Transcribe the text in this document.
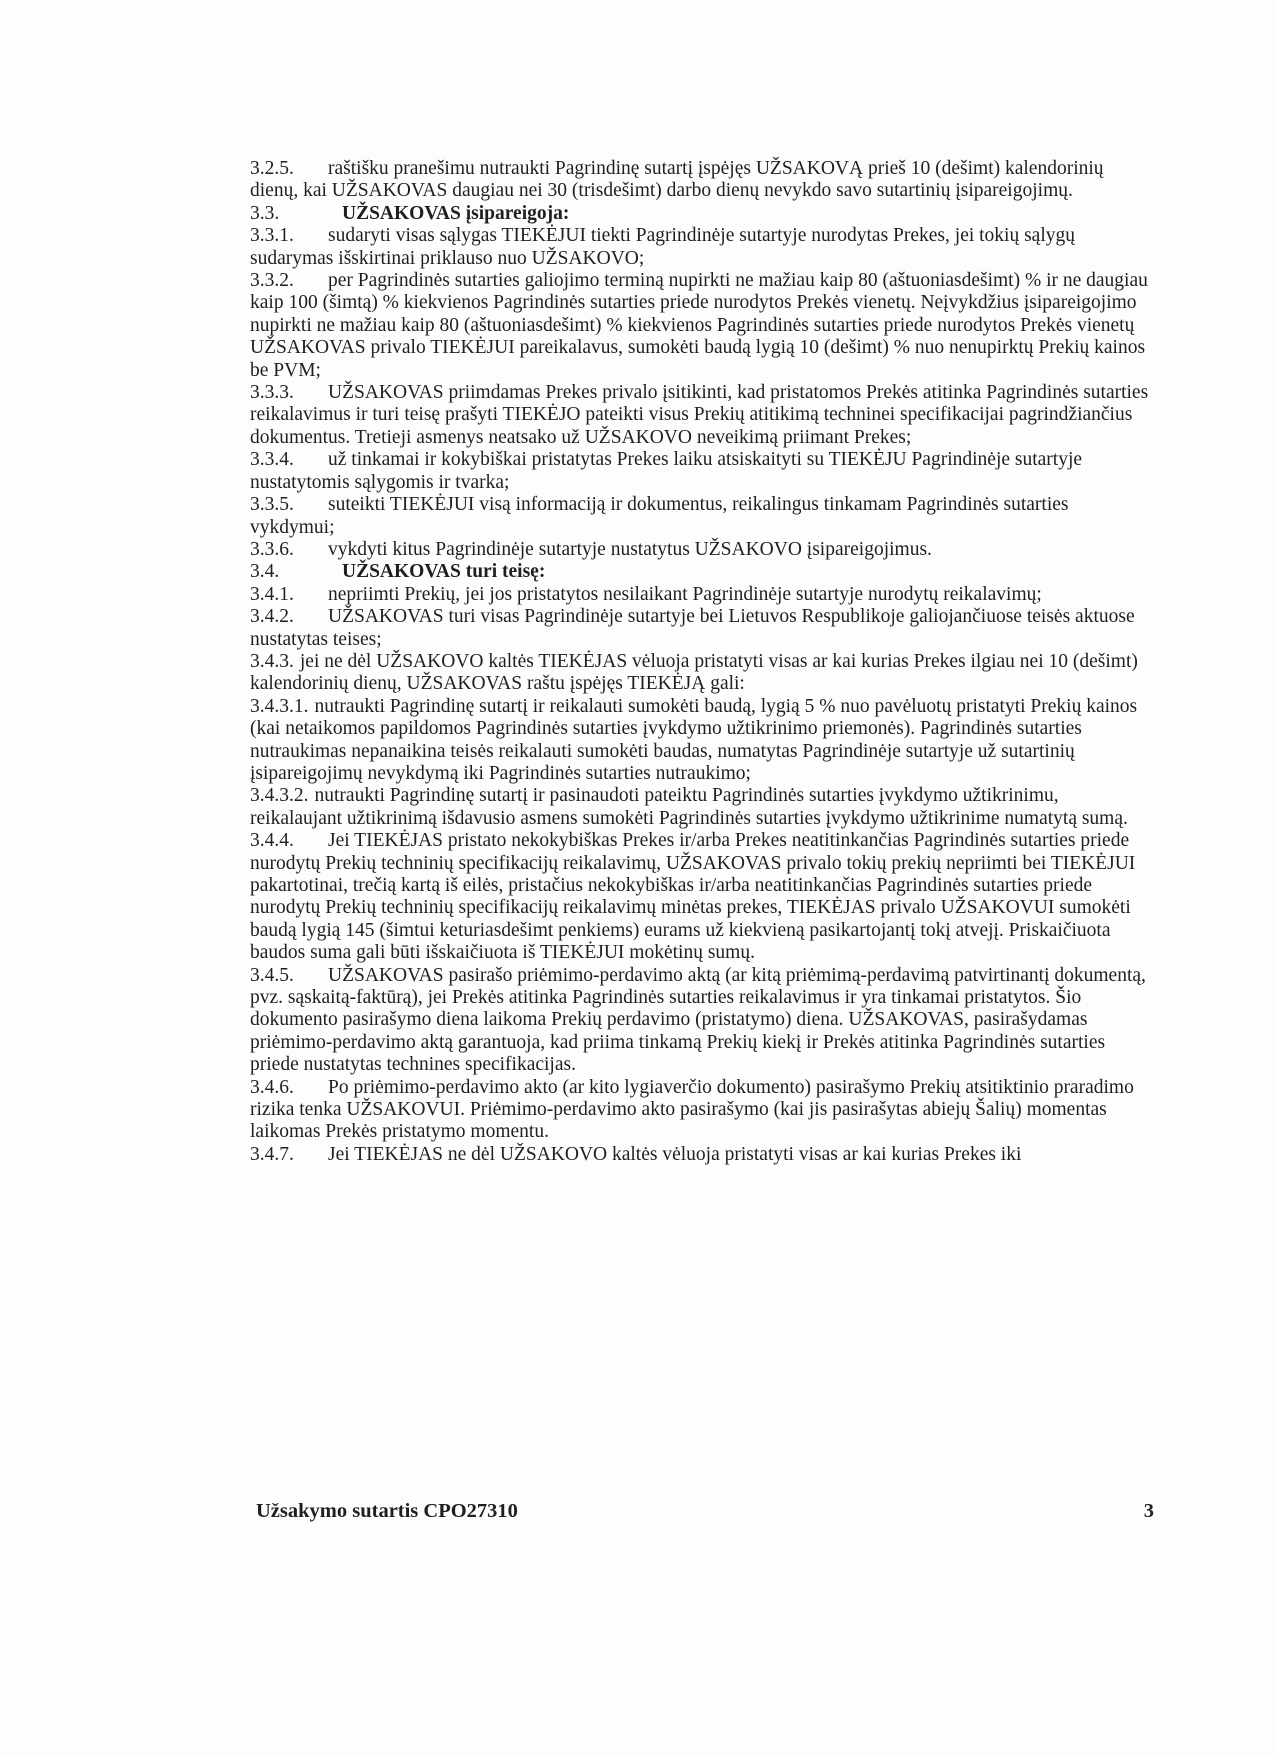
3.2.5. raštišku pranešimu nutraukti Pagrindinę sutartį įspėjęs UŽSAKOVĄ prieš 10 (dešimt) kalendorinių dienų, kai UŽSAKOVAS daugiau nei 30 (trisdešimt) darbo dienų nevykdo savo sutartinių įsipareigojimų.

3.3.	UŽSAKOVAS įsipareigoja:

3.3.1. sudaryti visas sąlygas TIEKĖJUI tiekti Pagrindinėje sutartyje nurodytas Prekes, jei tokių sąlygų sudarymas išskirtinai priklauso nuo UŽSAKOVO;

3.3.2. per Pagrindinės sutarties galiojimo terminą nupirkti ne mažiau kaip 80 (aštuoniasdešimt) % ir ne daugiau kaip 100 (šimtą) % kiekvienos Pagrindinės sutarties priede nurodytos Prekės vienetų. Neįvykdžius įsipareigojimo nupirkti ne mažiau kaip 80 (aštuoniasdešimt) % kiekvienos Pagrindinės sutarties priede nurodytos Prekės vienetų UŽSAKOVAS privalo TIEKĖJUI pareikalavus, sumokėti baudą lygią 10 (dešimt) % nuo nenupirktų Prekių kainos be PVM;

3.3.3. UŽSAKOVAS priimdamas Prekes privalo įsitikinti, kad pristatomos Prekės atitinka Pagrindinės sutarties reikalavimus ir turi teisę prašyti TIEKĖJO pateikti visus Prekių atitikimą techninei specifikacijai pagrindžiančius dokumentus. Tretieji asmenys neatsako už UŽSAKOVO neveikimą priimant Prekes;

3.3.4. už tinkamai ir kokybiškai pristatytas Prekes laiku atsiskaityti su TIEKĖJU Pagrindinėje sutartyje nustatytomis sąlygomis ir tvarka;

3.3.5. suteikti TIEKĖJUI visą informaciją ir dokumentus, reikalingus tinkamam Pagrindinės sutarties vykdymui;

3.3.6. vykdyti kitus Pagrindinėje sutartyje nustatytus UŽSAKOVO įsipareigojimus.

3.4.	UŽSAKOVAS turi teisę:

3.4.1. nepriimti Prekių, jei jos pristatytos nesilaikant Pagrindinėje sutartyje nurodytų reikalavimų;

3.4.2. UŽSAKOVAS turi visas Pagrindinėje sutartyje bei Lietuvos Respublikoje galiojančiuose teisės aktuose nustatytas teises;

3.4.3. jei ne dėl UŽSAKOVO kaltės TIEKĖJAS vėluoja pristatyti visas ar kai kurias Prekes ilgiau nei 10 (dešimt) kalendorinių dienų, UŽSAKOVAS raštu įspėjęs TIEKĖJĄ gali:

3.4.3.1. nutraukti Pagrindinę sutartį ir reikalauti sumokėti baudą, lygią 5 % nuo pavėluotų pristatyti Prekių kainos (kai netaikomos papildomos Pagrindinės sutarties įvykdymo užtikrinimo priemonės). Pagrindinės sutarties nutraukimas nepanaikina teisės reikalauti sumokėti baudas, numatytas Pagrindinėje sutartyje už sutartinių įsipareigojimų nevykdymą iki Pagrindinės sutarties nutraukimo;

3.4.3.2. nutraukti Pagrindinę sutartį ir pasinaudoti pateiktu Pagrindinės sutarties įvykdymo užtikrinimu, reikalaujant užtikrinimą išdavusio asmens sumokėti Pagrindinės sutarties įvykdymo užtikrinime numatytą sumą.

3.4.4. Jei TIEKĖJAS pristato nekokybiškas Prekes ir/arba Prekes neatitinkančias Pagrindinės sutarties priede nurodytų Prekių techninių specifikacijų reikalavimų, UŽSAKOVAS privalo tokių prekių nepriimti bei TIEKĖJUI pakartotinai, trečią kartą iš eilės, pristačius nekokybiškas ir/arba neatitinkančias Pagrindinės sutarties priede nurodytų Prekių techninių specifikacijų reikalavimų minėtas prekes, TIEKĖJAS privalo UŽSAKOVUI sumokėti baudą lygią 145 (šimtui keturiasdešimt penkiems) eurams už kiekvieną pasikartojantį tokį atvejį. Priskaičiuota baudos suma gali būti išskaičiuota iš TIEKĖJUI mokėtinų sumų.

3.4.5. UŽSAKOVAS pasirašo priėmimo-perdavimo aktą (ar kitą priėmimą-perdavimą patvirtinantį dokumentą, pvz. sąskaitą-faktūrą), jei Prekės atitinka Pagrindinės sutarties reikalavimus ir yra tinkamai pristatytos. Šio dokumento pasirašymo diena laikoma Prekių perdavimo (pristatymo) diena. UŽSAKOVAS, pasirašydamas priėmimo-perdavimo aktą garantuoja, kad priima tinkamą Prekių kiekį ir Prekės atitinka Pagrindinės sutarties priede nustatytas technines specifikacijas.

3.4.6. Po priėmimo-perdavimo akto (ar kito lygiaverčio dokumento) pasirašymo Prekių atsitiktinio praradimo rizika tenka UŽSAKOVUI. Priėmimo-perdavimo akto pasirašymo (kai jis pasirašytas abiejų Šalių) momentas laikomas Prekės pristatymo momentu.

3.4.7. Jei TIEKĖJAS ne dėl UŽSAKOVO kaltės vėluoja pristatyti visas ar kai kurias Prekes iki

Užsakymo sutartis CPO27310	3
